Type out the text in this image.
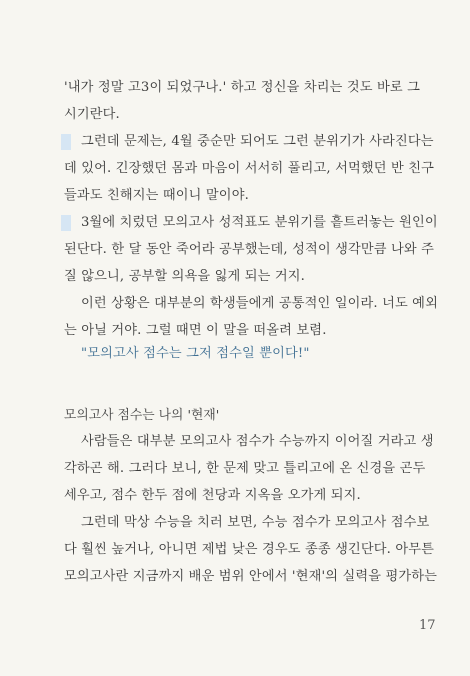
'내가 정말 고3이 되었구나.' 하고 정신을 차리는 것도 바로 그
시기란다.

그런데 문제는, 4월 중순만 되어도 그런 분위기가 사라진다는
데 있어. 긴장했던 몸과 마음이 서서히 풀리고, 서먹했던 반 친구
들과도 친해지는 때이니 말이야.

3월에 치렀던 모의고사 성적표도 분위기를 흩트러놓는 원인이
된단다. 한 달 동안 죽어라 공부했는데, 성적이 생각만큼 나와 주
질 않으니, 공부할 의욕을 잃게 되는 거지.

이런 상황은 대부분의 학생들에게 공통적인 일이라. 너도 예외
는 아닐 거야. 그럴 때면 이 말을 떠올려 보렴.

"모의고사 점수는 그저 점수일 뿐이다!"

모의고사 점수는 나의 '현재'

사람들은 대부분 모의고사 점수가 수능까지 이어질 거라고 생
각하곤 해. 그러다 보니, 한 문제 맞고 틀리고에 온 신경을 곤두
세우고, 점수 한두 점에 천당과 지옥을 오가게 되지.

그런데 막상 수능을 치러 보면, 수능 점수가 모의고사 점수보
다 훨씬 높거나, 아니면 제법 낮은 경우도 종종 생긴단다. 아무튼
모의고사란 지금까지 배운 범위 안에서 '현재'의 실력을 평가하는

17
